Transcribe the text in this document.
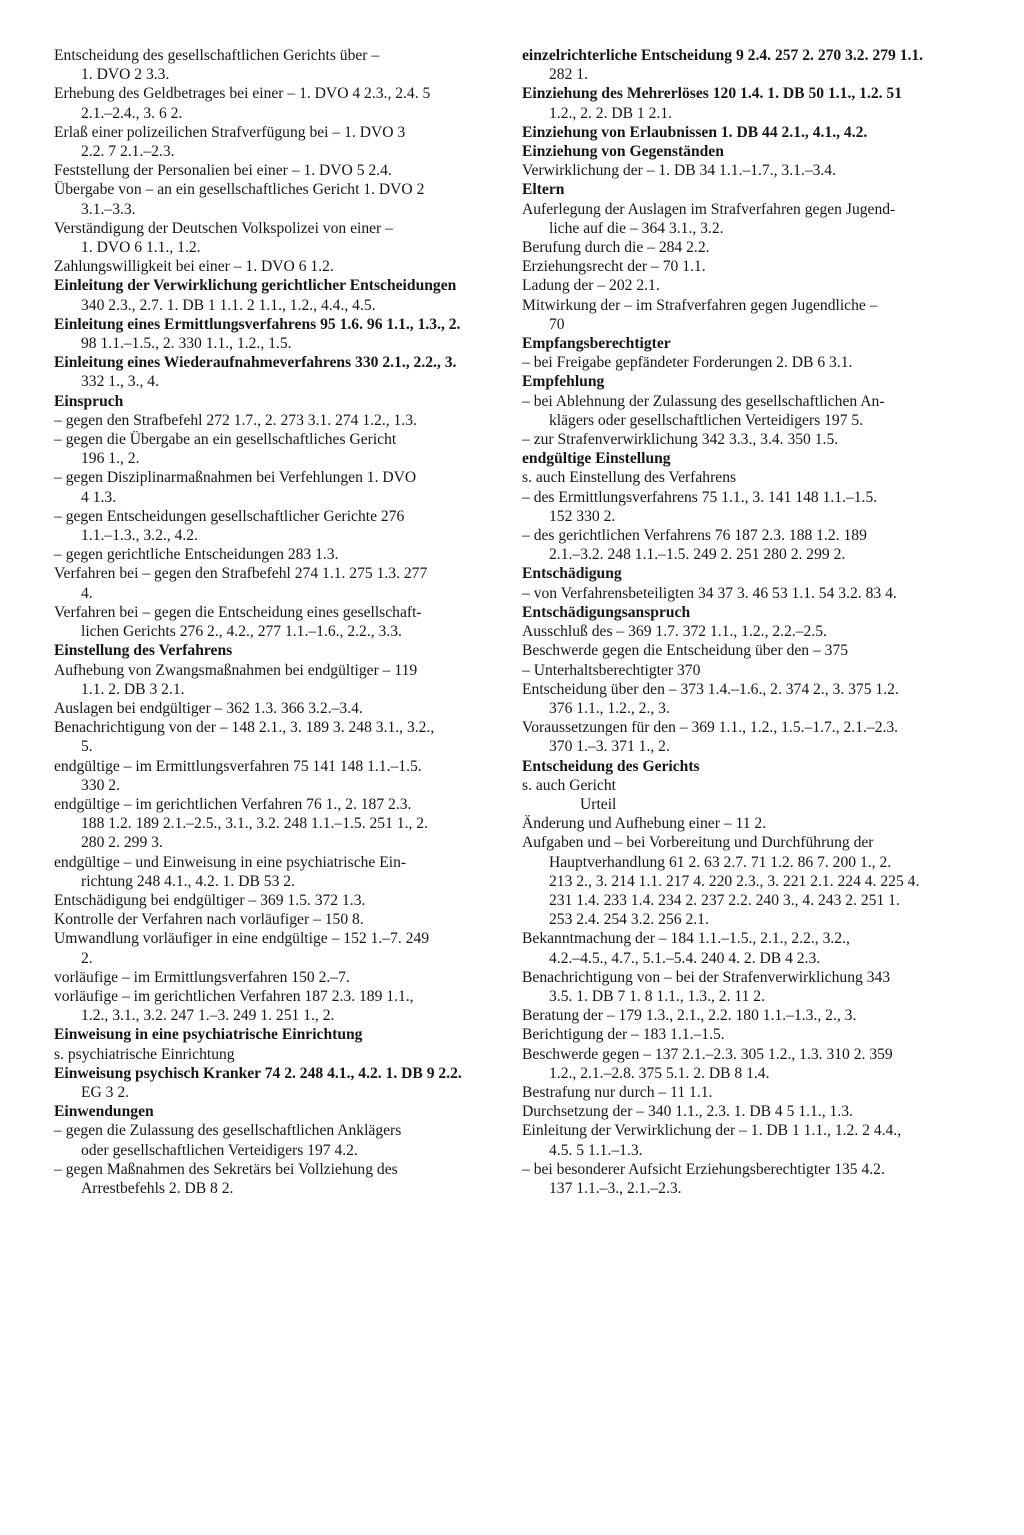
Entscheidung des gesellschaftlichen Gerichts über –
1. DVO 2 3.3.
Erhebung des Geldbetrages bei einer – 1. DVO 4 2.3., 2.4. 5
2.1.–2.4., 3. 6 2.
Erlaß einer polizeilichen Strafverfügung bei – 1. DVO 3
2.2. 7 2.1.–2.3.
Feststellung der Personalien bei einer – 1. DVO 5 2.4.
Übergabe von – an ein gesellschaftliches Gericht 1. DVO 2
3.1.–3.3.
Verständigung der Deutschen Volkspolizei von einer –
1. DVO 6 1.1., 1.2.
Zahlungswilligkeit bei einer – 1. DVO 6 1.2.
Einleitung der Verwirklichung gerichtlicher Entscheidungen
340 2.3., 2.7. 1. DB 1 1.1. 2 1.1., 1.2., 4.4., 4.5.
Einleitung eines Ermittlungsverfahrens 95 1.6. 96 1.1., 1.3., 2.
98 1.1.–1.5., 2. 330 1.1., 1.2., 1.5.
Einleitung eines Wiederaufnahmeverfahrens 330 2.1., 2.2., 3.
332 1., 3., 4.
Einspruch
– gegen den Strafbefehl 272 1.7., 2. 273 3.1. 274 1.2., 1.3.
– gegen die Übergabe an ein gesellschaftliches Gericht
196 1., 2.
– gegen Disziplinarmaßnahmen bei Verfehlungen 1. DVO
4 1.3.
– gegen Entscheidungen gesellschaftlicher Gerichte 276
1.1.–1.3., 3.2., 4.2.
– gegen gerichtliche Entscheidungen 283 1.3.
Verfahren bei – gegen den Strafbefehl 274 1.1. 275 1.3. 277
4.
Verfahren bei – gegen die Entscheidung eines gesellschaft-
lichen Gerichts 276 2., 4.2., 277 1.1.–1.6., 2.2., 3.3.
Einstellung des Verfahrens
Aufhebung von Zwangsmaßnahmen bei endgültiger – 119
1.1. 2. DB 3 2.1.
Auslagen bei endgültiger – 362 1.3. 366 3.2.–3.4.
Benachrichtigung von der – 148 2.1., 3. 189 3. 248 3.1., 3.2.,
5.
endgültige – im Ermittlungsverfahren 75 141 148 1.1.–1.5.
330 2.
endgültige – im gerichtlichen Verfahren 76 1., 2. 187 2.3.
188 1.2. 189 2.1.–2.5., 3.1., 3.2. 248 1.1.–1.5. 251 1., 2.
280 2. 299 3.
endgültige – und Einweisung in eine psychiatrische Ein-
richtung 248 4.1., 4.2. 1. DB 53 2.
Entschädigung bei endgültiger – 369 1.5. 372 1.3.
Kontrolle der Verfahren nach vorläufiger – 150 8.
Umwandlung vorläufiger in eine endgültige – 152 1.–7. 249
2.
vorläufige – im Ermittlungsverfahren 150 2.–7.
vorläufige – im gerichtlichen Verfahren 187 2.3. 189 1.1.,
1.2., 3.1., 3.2. 247 1.–3. 249 1. 251 1., 2.
Einweisung in eine psychiatrische Einrichtung
s. psychiatrische Einrichtung
Einweisung psychisch Kranker 74 2. 248 4.1., 4.2. 1. DB 9 2.2.
EG 3 2.
Einwendungen
– gegen die Zulassung des gesellschaftlichen Anklägers
oder gesellschaftlichen Verteidigers 197 4.2.
– gegen Maßnahmen des Sekretärs bei Vollziehung des
Arrestbefehls 2. DB 8 2.
einzelrichterliche Entscheidung 9 2.4. 257 2. 270 3.2. 279 1.1.
282 1.
Einziehung des Mehrerlöses 120 1.4. 1. DB 50 1.1., 1.2. 51
1.2., 2. 2. DB 1 2.1.
Einziehung von Erlaubnissen 1. DB 44 2.1., 4.1., 4.2.
Einziehung von Gegenständen
Verwirklichung der – 1. DB 34 1.1.–1.7., 3.1.–3.4.
Eltern
Auferlegung der Auslagen im Strafverfahren gegen Jugend-
liche auf die – 364 3.1., 3.2.
Berufung durch die – 284 2.2.
Erziehungsrecht der – 70 1.1.
Ladung der – 202 2.1.
Mitwirkung der – im Strafverfahren gegen Jugendliche –
70
Empfangsberechtigter
– bei Freigabe gepfändeter Forderungen 2. DB 6 3.1.
Empfehlung
– bei Ablehnung der Zulassung des gesellschaftlichen An-
klägers oder gesellschaftlichen Verteidigers 197 5.
– zur Strafenverwirklichung 342 3.3., 3.4. 350 1.5.
endgültige Einstellung
s. auch Einstellung des Verfahrens
– des Ermittlungsverfahrens 75 1.1., 3. 141 148 1.1.–1.5.
152 330 2.
– des gerichtlichen Verfahrens 76 187 2.3. 188 1.2. 189
2.1.–3.2. 248 1.1.–1.5. 249 2. 251 280 2. 299 2.
Entschädigung
– von Verfahrensbeteiligten 34 37 3. 46 53 1.1. 54 3.2. 83 4.
Entschädigungsanspruch
Ausschluß des – 369 1.7. 372 1.1., 1.2., 2.2.–2.5.
Beschwerde gegen die Entscheidung über den – 375
– Unterhaltsberechtigter 370
Entscheidung über den – 373 1.4.–1.6., 2. 374 2., 3. 375 1.2.
376 1.1., 1.2., 2., 3.
Voraussetzungen für den – 369 1.1., 1.2., 1.5.–1.7., 2.1.–2.3.
370 1.–3. 371 1., 2.
Entscheidung des Gerichts
s. auch Gericht
Urteil
Änderung und Aufhebung einer – 11 2.
Aufgaben und – bei Vorbereitung und Durchführung der
Hauptverhandlung 61 2. 63 2.7. 71 1.2. 86 7. 200 1., 2.
213 2., 3. 214 1.1. 217 4. 220 2.3., 3. 221 2.1. 224 4. 225 4.
231 1.4. 233 1.4. 234 2. 237 2.2. 240 3., 4. 243 2. 251 1.
253 2.4. 254 3.2. 256 2.1.
Bekanntmachung der – 184 1.1.–1.5., 2.1., 2.2., 3.2.,
4.2.–4.5., 4.7., 5.1.–5.4. 240 4. 2. DB 4 2.3.
Benachrichtigung von – bei der Strafenverwirklichung 343
3.5. 1. DB 7 1. 8 1.1., 1.3., 2. 11 2.
Beratung der – 179 1.3., 2.1., 2.2. 180 1.1.–1.3., 2., 3.
Berichtigung der – 183 1.1.–1.5.
Beschwerde gegen – 137 2.1.–2.3. 305 1.2., 1.3. 310 2. 359
1.2., 2.1.–2.8. 375 5.1. 2. DB 8 1.4.
Bestrafung nur durch – 11 1.1.
Durchsetzung der – 340 1.1., 2.3. 1. DB 4 5 1.1., 1.3.
Einleitung der Verwirklichung der – 1. DB 1 1.1., 1.2. 2 4.4.,
4.5. 5 1.1.–1.3.
– bei besonderer Aufsicht Erziehungsberechtigter 135 4.2.
137 1.1.–3., 2.1.–2.3.
